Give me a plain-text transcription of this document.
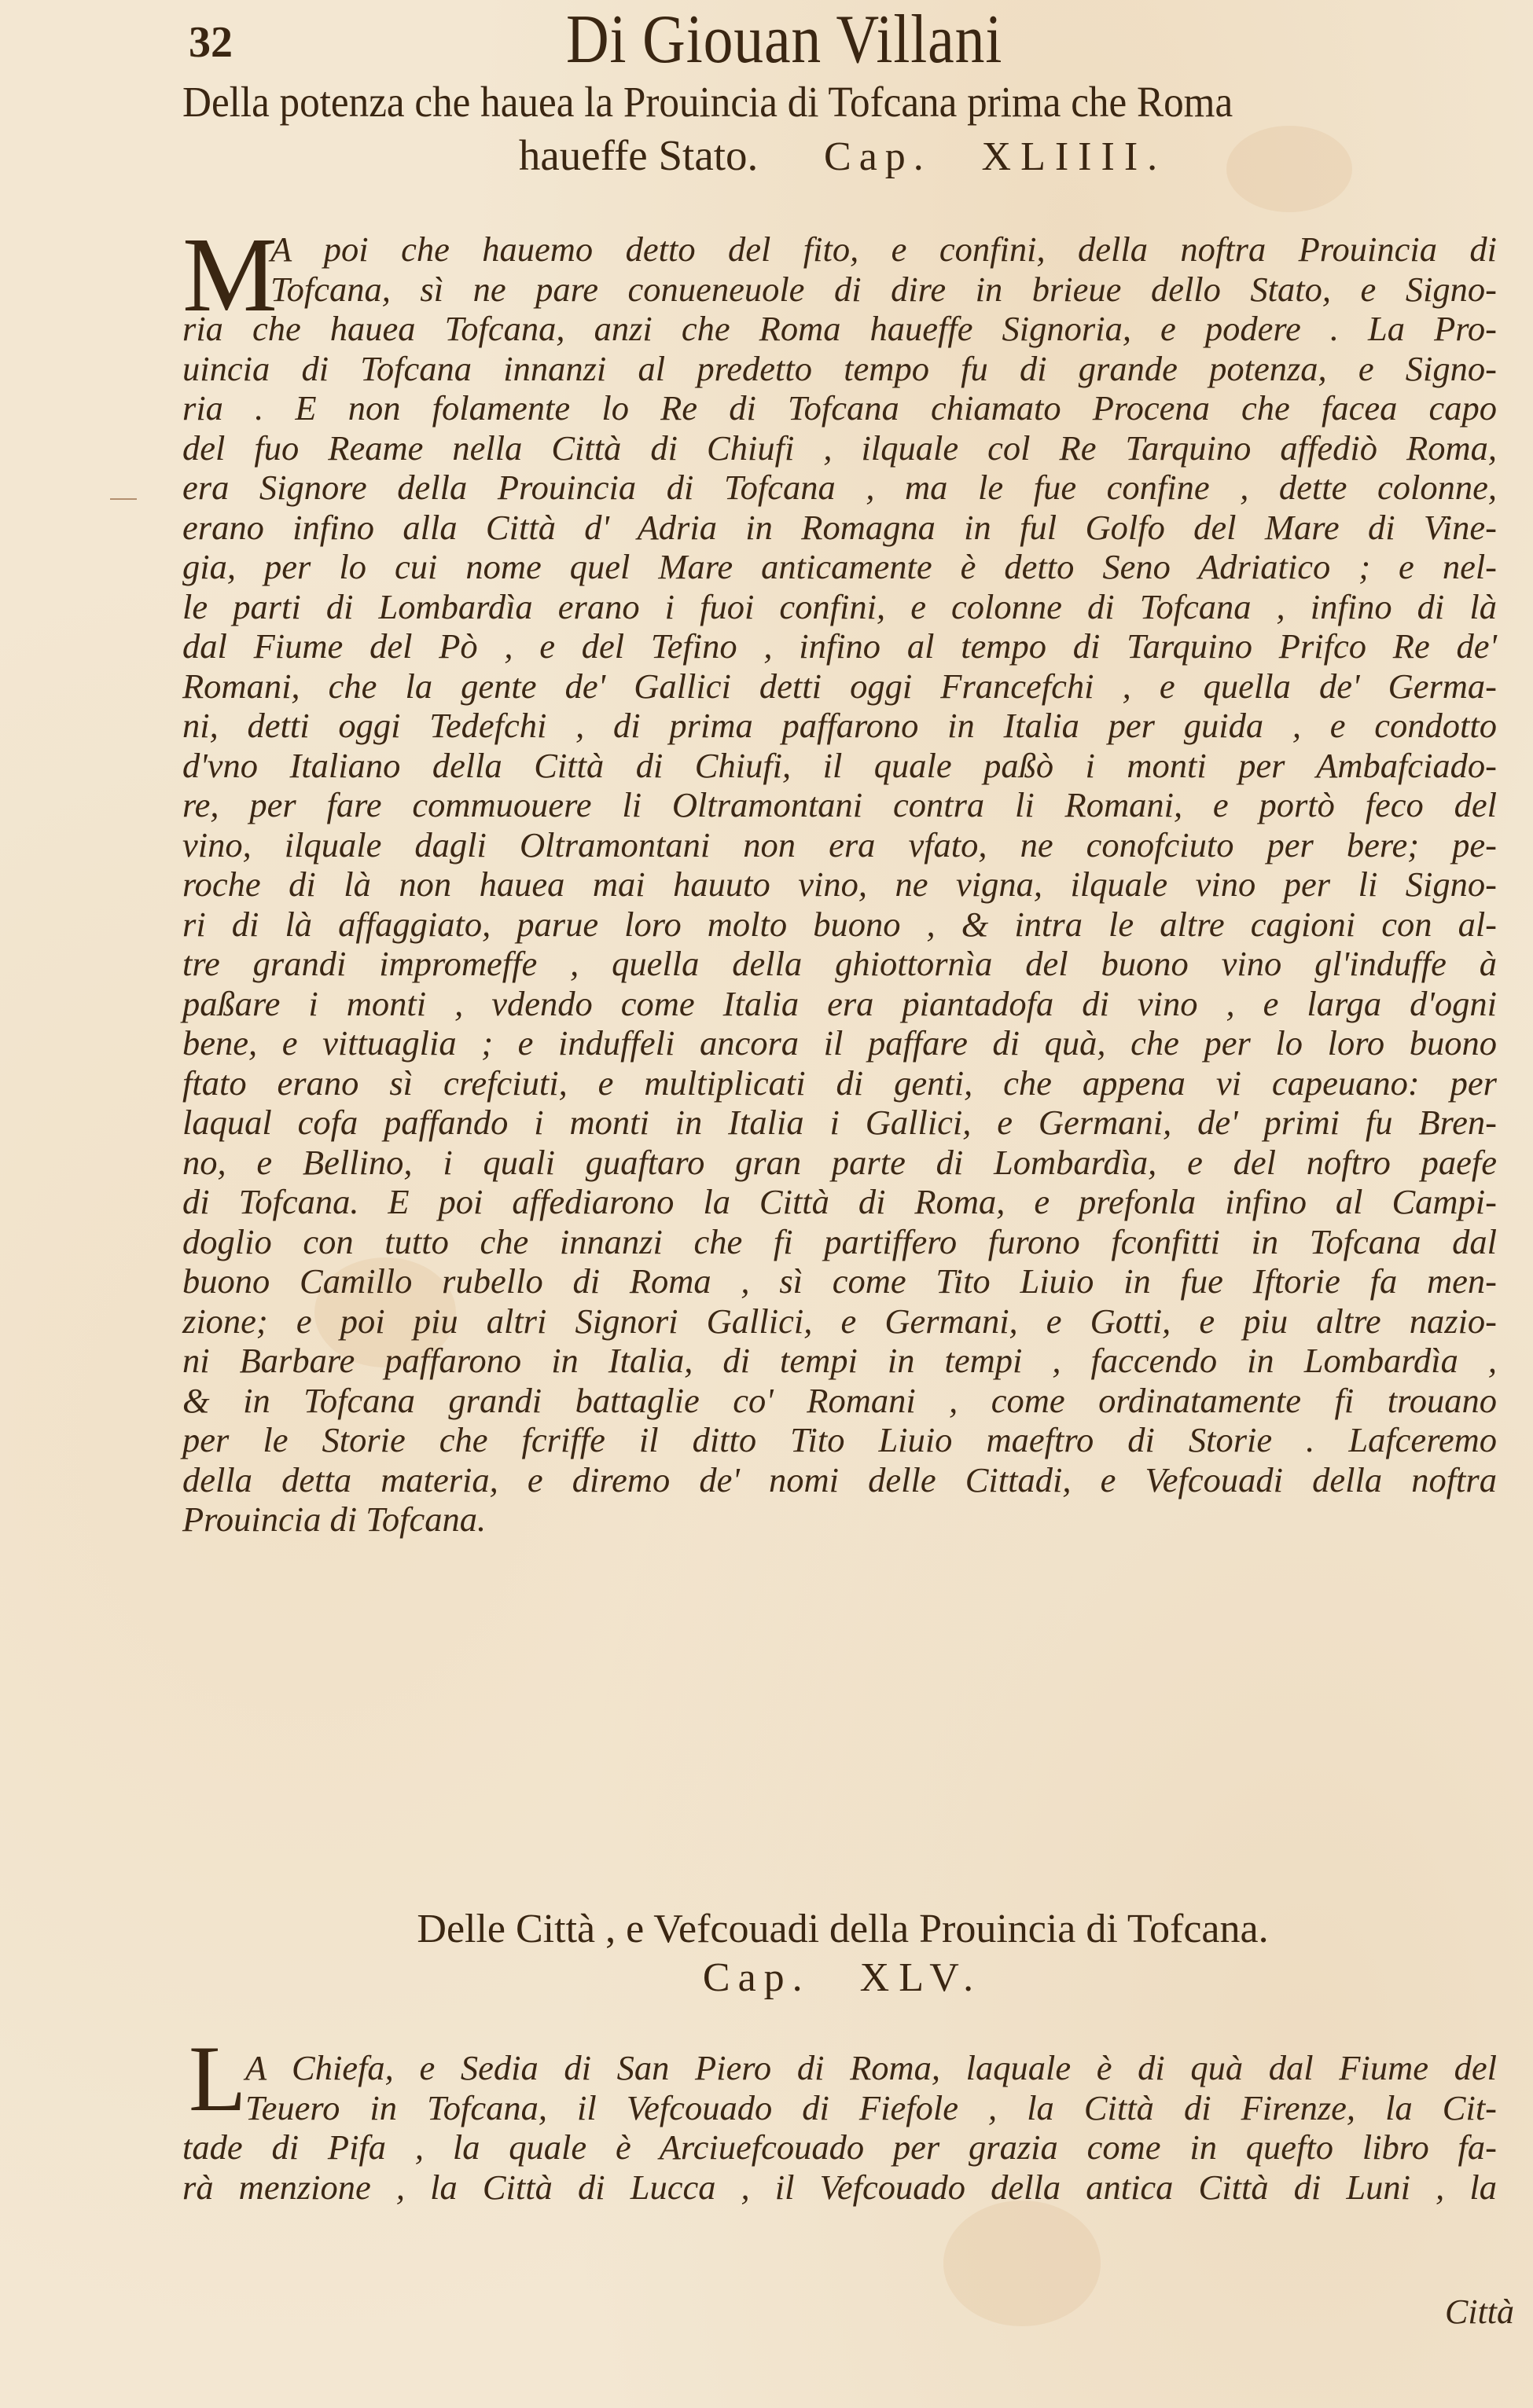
32	Di Giouan Villani
Della potenza che hauea la Prouincia di Tofcana prima che Roma
haueffe Stato. Cap. XLIIII.
M
A poi che hauemo detto del fito, e confini, della noftra Prouincia di
Tofcana, sì ne pare conueneuole di dire in brieue dello Stato, e Signo-
ria che hauea Tofcana, anzi che Roma haueffe Signoria, e podere . La Pro-
uincia di Tofcana innanzi al predetto tempo fu di grande potenza, e Signo-
ria . E non folamente lo Re di Tofcana chiamato Procena che facea capo
del fuo Reame nella Città di Chiufi , ilquale col Re Tarquino affediò Roma,
era Signore della Prouincia di Tofcana , ma le fue confine , dette colonne,
erano infino alla Città d' Adria in Romagna in ful Golfo del Mare di Vine-
gia, per lo cui nome quel Mare anticamente è detto Seno Adriatico ; e nel-
le parti di Lombardìa erano i fuoi confini, e colonne di Tofcana , infino di là
dal Fiume del Pò , e del Tefino , infino al tempo di Tarquino Prifco Re de'
Romani, che la gente de' Gallici detti oggi Francefchi , e quella de' Germa-
ni, detti oggi Tedefchi , di prima paffarono in Italia per guida , e condotto
d'vno Italiano della Città di Chiufi, il quale paßò i monti per Ambafciado-
re, per fare commuouere li Oltramontani contra li Romani, e portò feco del
vino, ilquale dagli Oltramontani non era vfato, ne conofciuto per bere; pe-
roche di là non hauea mai hauuto vino, ne vigna, ilquale vino per li Signo-
ri di là affaggiato, parue loro molto buono , & intra le altre cagioni con al-
tre grandi impromeffe , quella della ghiottornìa del buono vino gl'induffe à
paßare i monti , vdendo come Italia era piantadofa di vino , e larga d'ogni
bene, e vittuaglia ; e induffeli ancora il paffare di quà, che per lo loro buono
ftato erano sì crefciuti, e multiplicati di genti, che appena vi capeuano: per
laqual cofa paffando i monti in Italia i Gallici, e Germani, de' primi fu Bren-
no, e Bellino, i quali guaftaro gran parte di Lombardìa, e del noftro paefe
di Tofcana. E poi affediarono la Città di Roma, e prefonla infino al Campi-
doglio con tutto che innanzi che fi partiffero furono fconfitti in Tofcana dal
buono Camillo rubello di Roma , sì come Tito Liuio in fue Iftorie fa men-
zione; e poi piu altri Signori Gallici, e Germani, e Gotti, e piu altre nazio-
ni Barbare paffarono in Italia, di tempi in tempi , faccendo in Lombardìa ,
& in Tofcana grandi battaglie co' Romani , come ordinatamente fi trouano
per le Storie che fcriffe il ditto Tito Liuio maeftro di Storie . Lafceremo
della detta materia, e diremo de' nomi delle Cittadi, e Vefcouadi della noftra
Prouincia di Tofcana.
Delle Città , e Vefcouadi della Prouincia di Tofcana.
Cap. XLV.
L
A Chiefa, e Sedia di San Piero di Roma, laquale è di quà dal Fiume del
Teuero in Tofcana, il Vefcouado di Fiefole , la Città di Firenze, la Cit-
tade di Pifa , la quale è Arciuefcouado per grazia come in quefto libro fa-
rà menzione , la Città di Lucca , il Vefcouado della antica Città di Luni , la
Città
